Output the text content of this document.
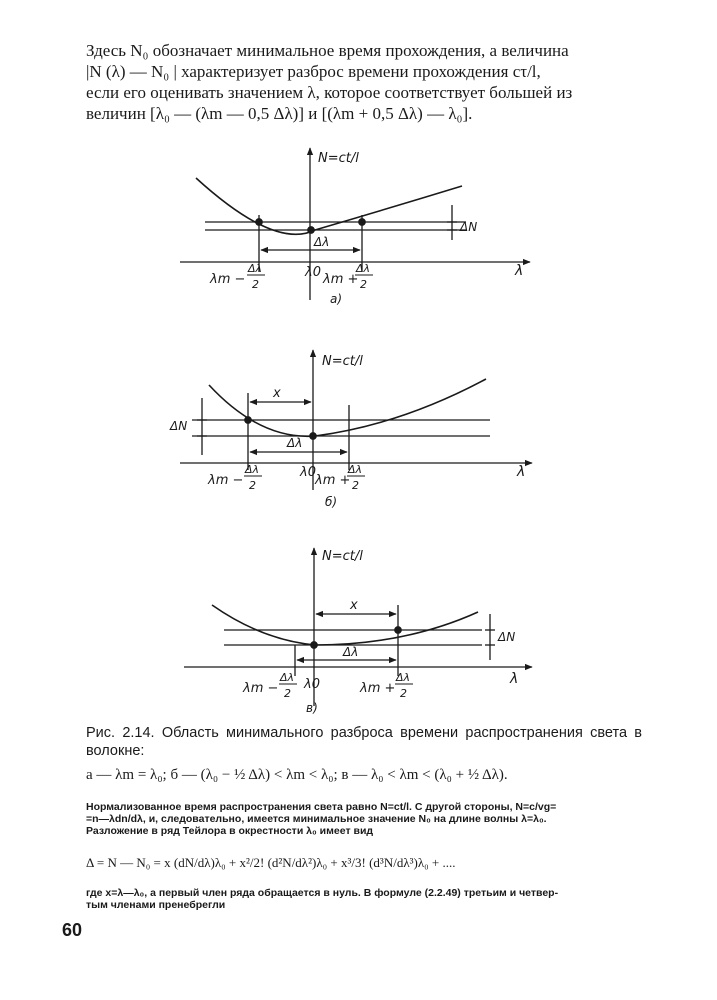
Здесь N₀ обозначает минимальное время прохождения, а величина
|N (λ) — N₀ | характеризует разброс времени прохождения cτ/l,
если его оценивать значением λ, которое соответствует большей из
величин [λ₀ — (λm — 0,5 Δλ)] и [(λm + 0,5 Δλ) — λ₀].
N=ct/l
λ
ΔN
Δλ
λm −
Δλ
2
λ0 λm +
Δλ
2
a)
N=ct/l
λ
ΔN
x
Δλ
λm −
Δλ
2
λ0
λm +
Δλ
2
б)
N=ct/l
λ
ΔN
x
Δλ
λm −
Δλ
2
λ0	λm +
Δλ
2
в)
Рис. 2.14. Область минимального разброса времени распространения света в волокне:
а — λm = λ₀; б — (λ₀ − ½ Δλ) < λm < λ₀; в — λ₀ < λm < (λ₀ + ½ Δλ).
Нормализованное время распространения света равно N=ct/l. С другой стороны, N=c/vg=
=n—λdn/dλ, и, следовательно, имеется минимальное значение N₀ на длине волны λ=λ₀.
Разложение в ряд Тейлора в окрестности λ₀ имеет вид
Δ = N — N₀ = x (dN/dλ)λ₀ + x²/2! (d²N/dλ²)λ₀ + x³/3! (d³N/dλ³)λ₀ + ....
где x=λ—λ₀, а первый член ряда обращается в нуль. В формуле (2.2.49) третьим и четвер-
тым членами пренебрегли
60
